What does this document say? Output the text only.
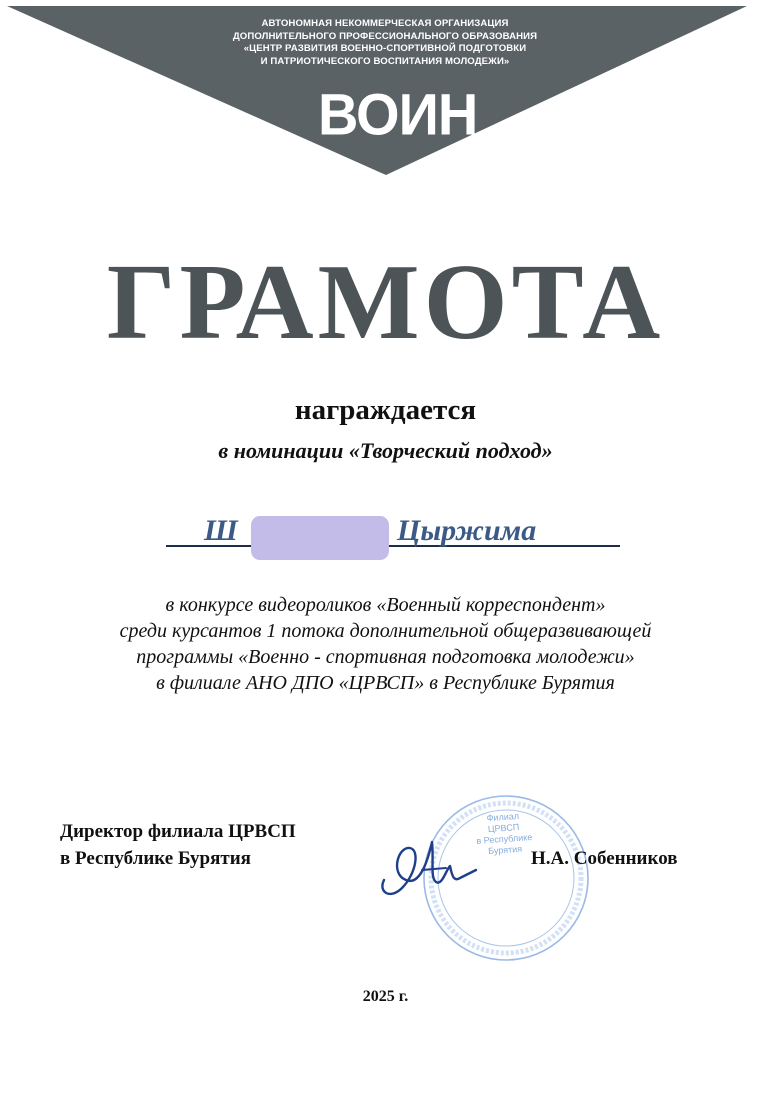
АВТОНОМНАЯ НЕКОММЕРЧЕСКАЯ ОРГАНИЗАЦИЯ
ДОПОЛНИТЕЛЬНОГО ПРОФЕССИОНАЛЬНОГО ОБРАЗОВАНИЯ
«ЦЕНТР РАЗВИТИЯ ВОЕННО-СПОРТИВНОЙ ПОДГОТОВКИ
И ПАТРИОТИЧЕСКОГО ВОСПИТАНИЯ МОЛОДЕЖИ»
ВОИН
ГРАМОТА
награждается
в номинации «Творческий подход»
Ш	Цыржима
в конкурсе видеороликов «Военный корреспондент»
среди курсантов 1 потока дополнительной общеразвивающей
программы «Военно - спортивная подготовка молодежи»
в филиале АНО ДПО «ЦРВСП» в Республике Бурятия
Директор филиала ЦРВСП
в Республике Бурятия
Филиал
ЦРВСП
в Республике
Бурятия Н.А. Собенников
2025 г.
